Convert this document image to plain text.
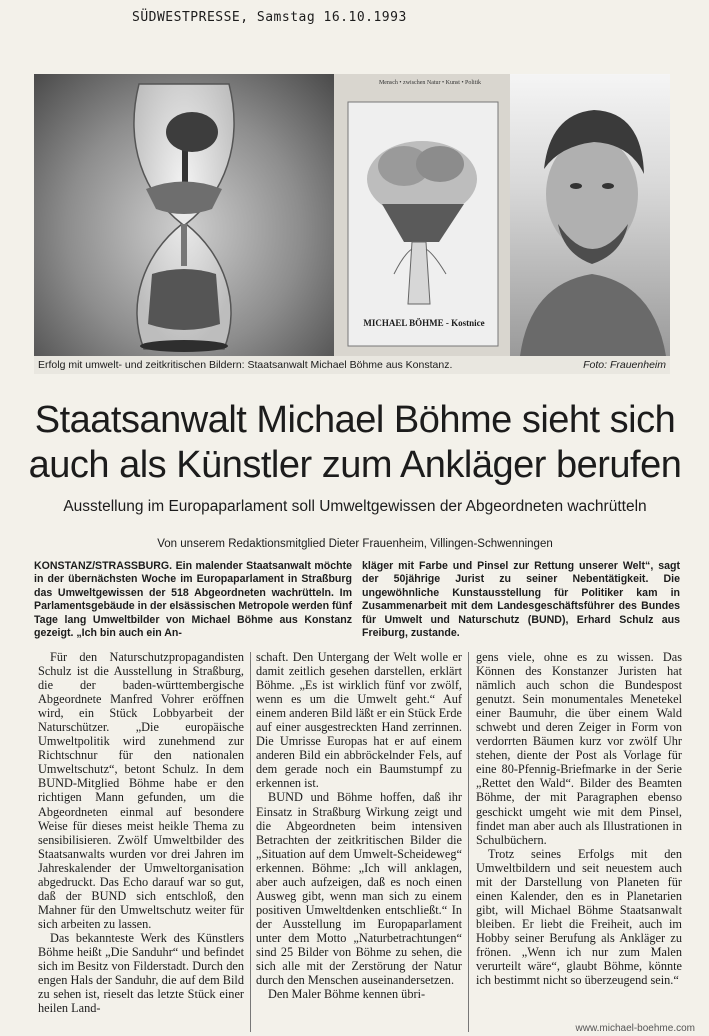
SÜDWESTPRESSE, Samstag 16.10.1993
Mensch • zwischen Natur • Kunst • Politik
MICHAEL BÖHME - Kostnice
Erfolg mit umwelt- und zeitkritischen Bildern: Staatsanwalt Michael Böhme aus Konstanz.	Foto: Frauenheim
Staatsanwalt Michael Böhme sieht sich
auch als Künstler zum Ankläger berufen
Ausstellung im Europaparlament soll Umweltgewissen der Abgeordneten wachrütteln
Von unserem Redaktionsmitglied Dieter Frauenheim, Villingen-Schwenningen

KONSTANZ/STRASSBURG. Ein malender Staatsanwalt möchte in der übernächsten Woche im Europaparlament in Straßburg das Umweltgewissen der 518 Abgeordneten wachrütteln. Im Parlamentsgebäude in der elsässischen Metropole werden fünf Tage lang Umweltbilder von Michael Böhme aus Konstanz gezeigt. „Ich bin auch ein An-

kläger mit Farbe und Pinsel zur Rettung unserer Welt“, sagt der 50jährige Jurist zu seiner Nebentätigkeit. Die ungewöhnliche Kunstausstellung für Politiker kam in Zusammenarbeit mit dem Landesgeschäftsführer des Bundes für Umwelt und Naturschutz (BUND), Erhard Schulz aus Freiburg, zustande.

Für den Naturschutzpropagandisten Schulz ist die Ausstellung in Straßburg, die der baden-württembergische Abgeordnete Manfred Vohrer eröffnen wird, ein Stück Lobbyarbeit der Naturschützer. „Die europäische Umweltpolitik wird zunehmend zur Richtschnur für den nationalen Umweltschutz“, betont Schulz. In dem BUND-Mitglied Böhme habe er den richtigen Mann gefunden, um die Abgeordneten einmal auf besondere Weise für dieses meist heikle Thema zu sensibilisieren. Zwölf Umweltbilder des Staatsanwalts wurden vor drei Jahren im Jahreskalender der Umweltorganisation abgedruckt. Das Echo darauf war so gut, daß der BUND sich entschloß, den Mahner für den Umweltschutz weiter für sich arbeiten zu lassen.

Das bekannteste Werk des Künstlers Böhme heißt „Die Sanduhr“ und befindet sich im Besitz von Filderstadt. Durch den engen Hals der Sanduhr, die auf dem Bild zu sehen ist, rieselt das letzte Stück einer heilen Land-

schaft. Den Untergang der Welt wolle er damit zeitlich gesehen darstellen, erklärt Böhme. „Es ist wirklich fünf vor zwölf, wenn es um die Umwelt geht.“ Auf einem anderen Bild läßt er ein Stück Erde auf einer ausgestreckten Hand zerrinnen. Die Umrisse Europas hat er auf einem anderen Bild ein abbröckelnder Fels, auf dem gerade noch ein Baumstumpf zu erkennen ist.

BUND und Böhme hoffen, daß ihr Einsatz in Straßburg Wirkung zeigt und die Abgeordneten beim intensiven Betrachten der zeitkritischen Bilder die „Situation auf dem Umwelt-Scheideweg“ erkennen. Böhme: „Ich will anklagen, aber auch aufzeigen, daß es noch einen Ausweg gibt, wenn man sich zu einem positiven Umweltdenken entschließt.“ In der Ausstellung im Europaparlament unter dem Motto „Naturbetrachtungen“ sind 25 Bilder von Böhme zu sehen, die sich alle mit der Zerstörung der Natur durch den Menschen auseinandersetzen.

Den Maler Böhme kennen übri-

gens viele, ohne es zu wissen. Das Können des Konstanzer Juristen hat nämlich auch schon die Bundespost genutzt. Sein monumentales Menetekel einer Baumuhr, die über einem Wald schwebt und deren Zeiger in Form von verdorrten Bäumen kurz vor zwölf Uhr stehen, diente der Post als Vorlage für eine 80-Pfennig-Briefmarke in der Serie „Rettet den Wald“. Bilder des Beamten Böhme, der mit Paragraphen ebenso geschickt umgeht wie mit dem Pinsel, findet man aber auch als Illustrationen in Schulbüchern.

Trotz seines Erfolgs mit den Umweltbildern und seit neuestem auch mit der Darstellung von Planeten für einen Kalender, den es in Planetarien gibt, will Michael Böhme Staatsanwalt bleiben. Er liebt die Freiheit, auch im Hobby seiner Berufung als Ankläger zu frönen. „Wenn ich nur zum Malen verurteilt wäre“, glaubt Böhme, könnte ich bestimmt nicht so überzeugend sein.“

www.michael-boehme.com
